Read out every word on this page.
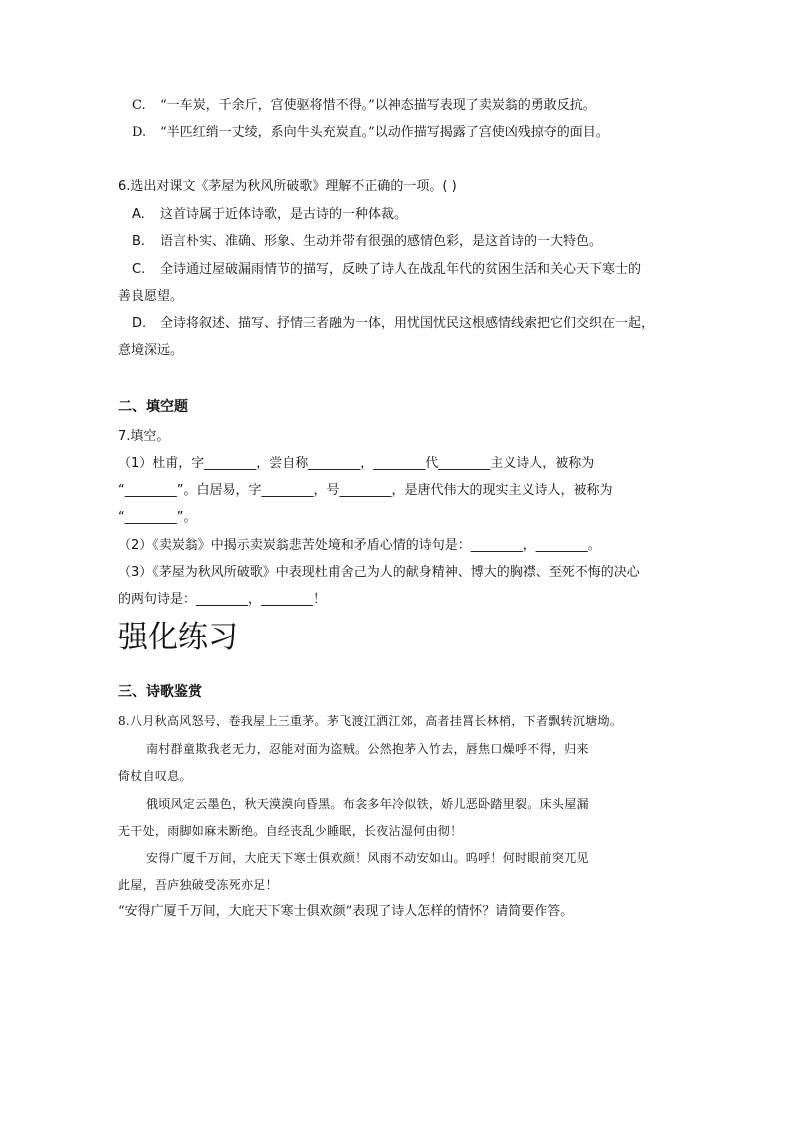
C. “一车炭，千余斤，宫使驱将惜不得。”以神态描写表现了卖炭翁的勇敢反抗。
D. “半匹红绡一丈绫，系向牛头充炭直。”以动作描写揭露了宫使凶残掠夺的面目。
6.选出对课文《茅屋为秋风所破歌》理解不正确的一项。( )
A. 这首诗属于近体诗歌，是古诗的一种体裁。
B. 语言朴实、准确、形象、生动并带有很强的感情色彩，是这首诗的一大特色。
C. 全诗通过屋破漏雨情节的描写，反映了诗人在战乱年代的贫困生活和关心天下寒士的
善良愿望。
D. 全诗将叙述、描写、抒情三者融为一体，用忧国忧民这根感情线索把它们交织在一起，
意境深远。
二、填空题
7.填空。
（1）杜甫，字________，尝自称________，________代________主义诗人，被称为
“________”。白居易，字________，号________，是唐代伟大的现实主义诗人，被称为
“________”。
（2）《卖炭翁》中揭示卖炭翁悲苦处境和矛盾心情的诗句是：________，________。
（3）《茅屋为秋风所破歌》中表现杜甫舍己为人的献身精神、博大的胸襟、至死不悔的决心
的两句诗是：________，________！
强化练习
三、诗歌鉴赏
8.八月秋高风怒号，卷我屋上三重茅。茅飞渡江洒江郊，高者挂罥长林梢，下者飘转沉塘坳。
南村群童欺我老无力，忍能对面为盗贼。公然抱茅入竹去，唇焦口燥呼不得，归来
倚杖自叹息。
俄顷风定云墨色，秋天漠漠向昏黑。布衾多年冷似铁，娇儿恶卧踏里裂。床头屋漏
无干处，雨脚如麻未断绝。自经丧乱少睡眠，长夜沾湿何由彻！
安得广厦千万间，大庇天下寒士俱欢颜！风雨不动安如山。呜呼！何时眼前突兀见
此屋，吾庐独破受冻死亦足！
“安得广厦千万间，大庇天下寒士俱欢颜”表现了诗人怎样的情怀？请简要作答。
